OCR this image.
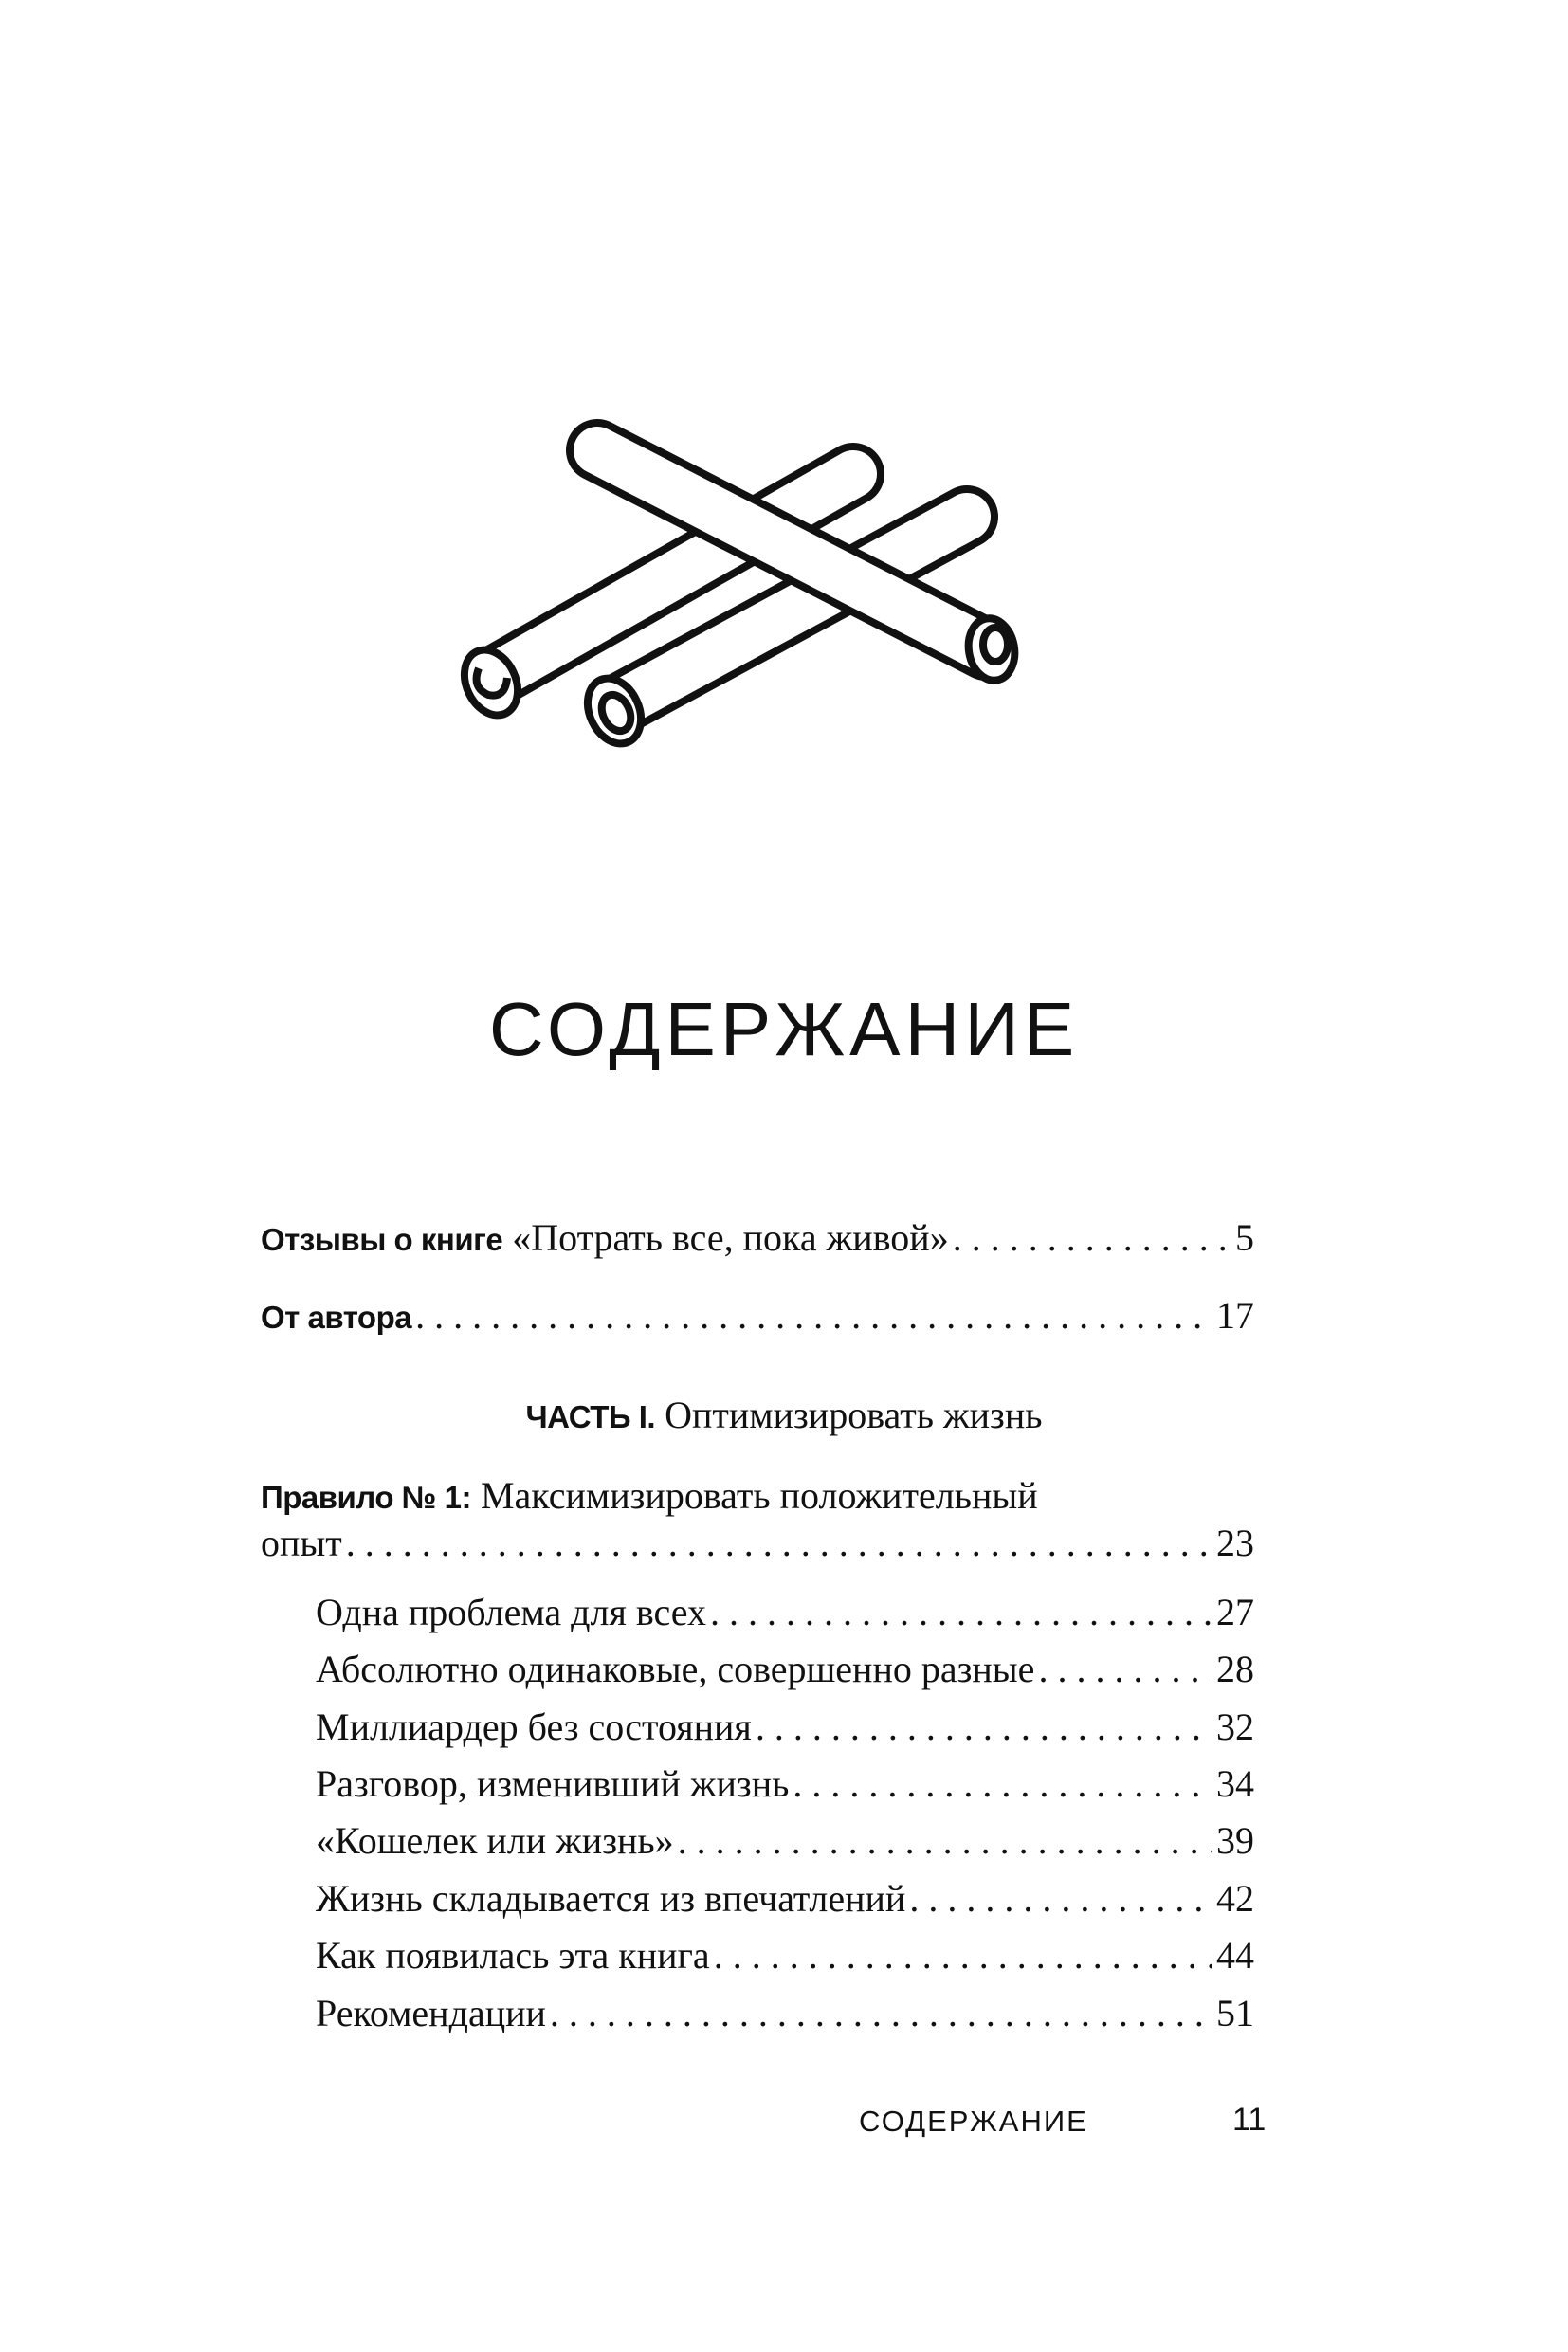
СОДЕРЖАНИЕ
Отзывы о книге
«Потрать все, пока живой» . . .	5
От автора . . .	17
ЧАСТЬ I. Оптимизировать жизнь
Правило № 1:
Максимизировать положительный
опыт . . .	23
Одна проблема для всех . . .	27
Абсолютно одинаковые, совершенно разные . . .	28
Миллиардер без состояния . . .	32
Разговор, изменивший жизнь . . .	34
«Кошелек или жизнь» . . .	39
Жизнь складывается из впечатлений . . .	42
Как появилась эта книга . . .	44
Рекомендации . . .	51
СОДЕРЖАНИЕ	11
